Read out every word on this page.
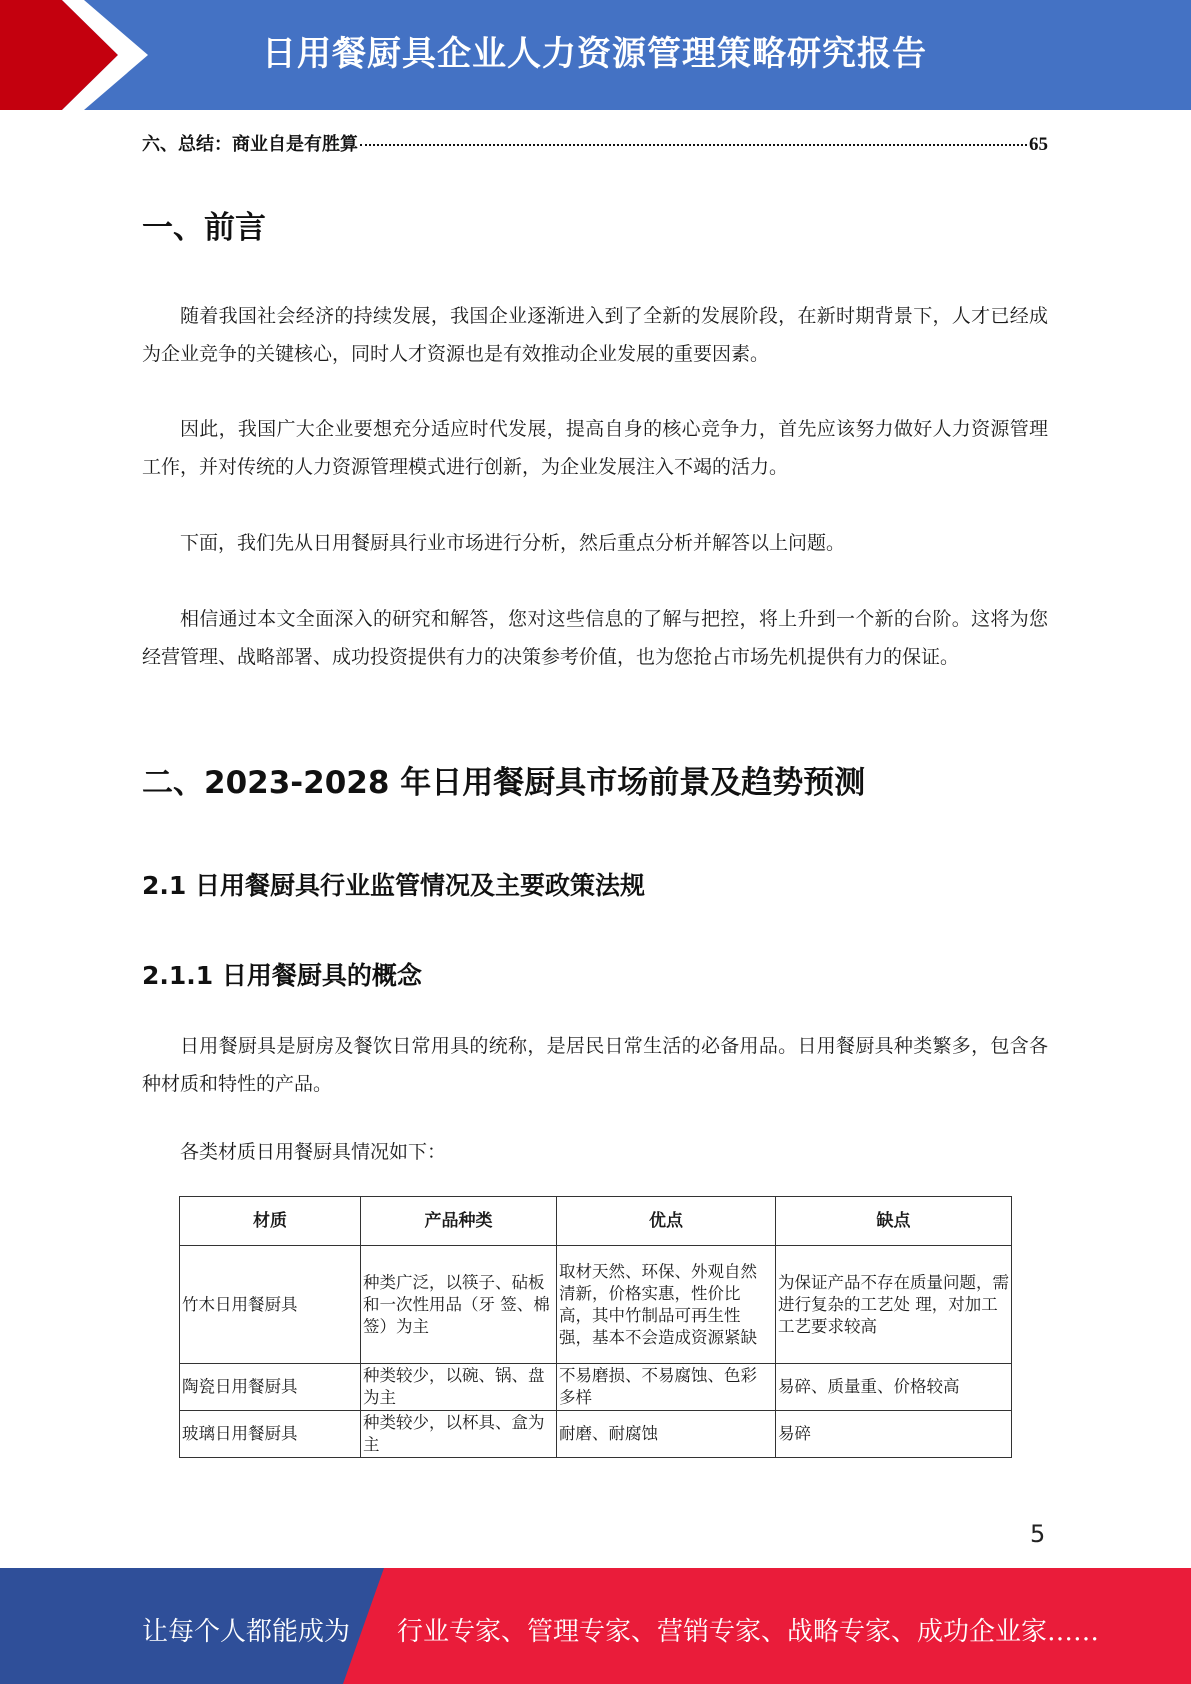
日用餐厨具企业人力资源管理策略研究报告
六、总结：商业自是有胜算	65
一、前言

随着我国社会经济的持续发展，我国企业逐渐进入到了全新的发展阶段，在新时期背景下，人才已经成为企业竞争的关键核心，同时人才资源也是有效推动企业发展的重要因素。

因此，我国广大企业要想充分适应时代发展，提高自身的核心竞争力，首先应该努力做好人力资源管理工作，并对传统的人力资源管理模式进行创新，为企业发展注入不竭的活力。

下面，我们先从日用餐厨具行业市场进行分析，然后重点分析并解答以上问题。

相信通过本文全面深入的研究和解答，您对这些信息的了解与把控，将上升到一个新的台阶。这将为您经营管理、战略部署、成功投资提供有力的决策参考价值，也为您抢占市场先机提供有力的保证。

二、2023-2028 年日用餐厨具市场前景及趋势预测
2.1 日用餐厨具行业监管情况及主要政策法规
2.1.1 日用餐厨具的概念

日用餐厨具是厨房及餐饮日常用具的统称，是居民日常生活的必备用品。日用餐厨具种类繁多，包含各种材质和特性的产品。

各类材质日用餐厨具情况如下：

材质	产品种类	优点	缺点
竹木日用餐厨具	种类广泛，以筷子、砧板和一次性用品（牙 签、棉签）为主	取材天然、环保、外观自然清新，价格实惠，性价比高，其中竹制品可再生性强，基本不会造成资源紧缺	为保证产品不存在质量问题，需进行复杂的工艺处 理，对加工工艺要求较高
陶瓷日用餐厨具	种类较少，以碗、锅、盘为主	不易磨损、不易腐蚀、色彩多样	易碎、质量重、价格较高
玻璃日用餐厨具	种类较少，以杯具、盒为主	耐磨、耐腐蚀	易碎
5
让每个人都能成为 行业专家、管理专家、营销专家、战略专家、成功企业家……
